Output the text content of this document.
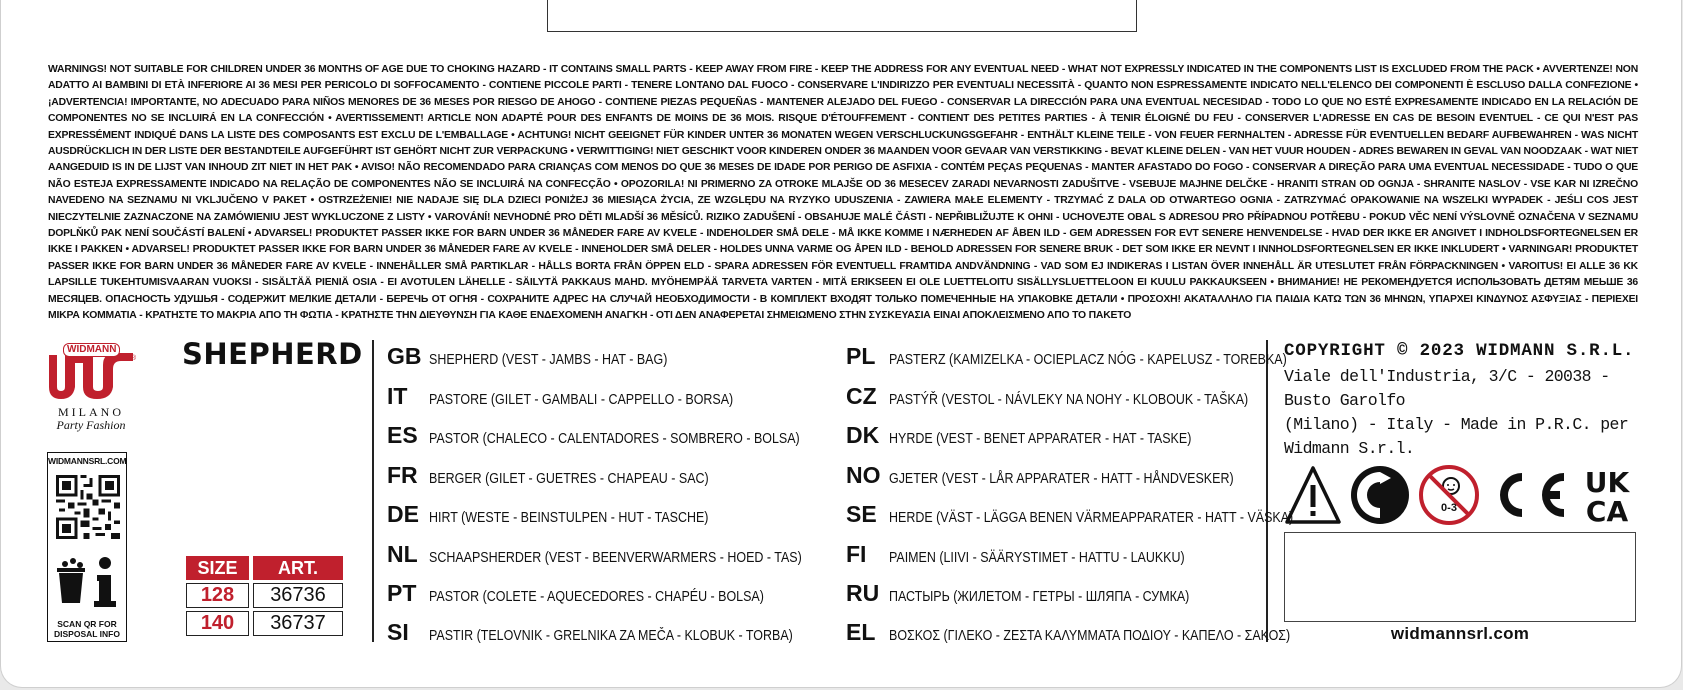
WARNINGS! NOT SUITABLE FOR CHILDREN UNDER 36 MONTHS OF AGE DUE TO CHOKING HAZARD - IT CONTAINS SMALL PARTS - KEEP AWAY FROM FIRE - KEEP THE ADDRESS FOR ANY EVENTUAL NEED - WHAT NOT EXPRESSLY INDICATED IN THE COMPONENTS LIST IS EXCLUDED FROM THE PACK • AVVERTENZE! NON ADATTO AI BAMBINI DI ETÀ INFERIORE AI 36 MESI PER PERICOLO DI SOFFOCAMENTO - CONTIENE PICCOLE PARTI - TENERE LONTANO DAL FUOCO - CONSERVARE L'INDIRIZZO PER EVENTUALI NECESSITÀ - QUANTO NON ESPRESSAMENTE INDICATO NELL'ELENCO DEI COMPONENTI È ESCLUSO DALLA CONFEZIONE • ¡ADVERTENCIA! IMPORTANTE, NO ADECUADO PARA NIÑOS MENORES DE 36 MESES POR RIESGO DE AHOGO - CONTIENE PIEZAS PEQUEÑAS - MANTENER ALEJADO DEL FUEGO - CONSERVAR LA DIRECCIÓN PARA UNA EVENTUAL NECESIDAD - TODO LO QUE NO ESTÉ EXPRESAMENTE INDICADO EN LA RELACIÓN DE COMPONENTES NO SE INCLUIRÁ EN LA CONFECCIÓN • AVERTISSEMENT! ARTICLE NON ADAPTÉ POUR DES ENFANTS DE MOINS DE 36 MOIS. RISQUE D'ÉTOUFFEMENT - CONTIENT DES PETITES PARTIES - À TENIR ÉLOIGNÉ DU FEU - CONSERVER L'ADRESSE EN CAS DE BESOIN EVENTUEL - CE QUI N'EST PAS EXPRESSÉMENT INDIQUÉ DANS LA LISTE DES COMPOSANTS EST EXCLU DE L'EMBALLAGE • ACHTUNG! NICHT GEEIGNET FÜR KINDER UNTER 36 MONATEN WEGEN VERSCHLUCKUNGSGEFAHR - ENTHÄLT KLEINE TEILE - VON FEUER FERNHALTEN - ADRESSE FÜR EVENTUELLEN BEDARF AUFBEWAHREN - WAS NICHT AUSDRÜCKLICH IN DER LISTE DER BESTANDTEILE AUFGEFÜHRT IST GEHÖRT NICHT ZUR VERPACKUNG • VERWITTIGING! NIET GESCHIKT VOOR KINDEREN ONDER 36 MAANDEN VOOR GEVAAR VAN VERSTIKKING - BEVAT KLEINE DELEN - VAN HET VUUR HOUDEN - ADRES BEWAREN IN GEVAL VAN NOODZAAK - WAT NIET AANGEDUID IS IN DE LIJST VAN INHOUD ZIT NIET IN HET PAK • AVISO! NÃO RECOMENDADO PARA CRIANÇAS COM MENOS DO QUE 36 MESES DE IDADE POR PERIGO DE ASFIXIA - CONTÉM PEÇAS PEQUENAS - MANTER AFASTADO DO FOGO - CONSERVAR A DIREÇÃO PARA UMA EVENTUAL NECESSIDADE - TUDO O QUE NÃO ESTEJA EXPRESSAMENTE INDICADO NA RELAÇÃO DE COMPONENTES NÃO SE INCLUIRÁ NA CONFECÇÃO • OPOZORILA! NI PRIMERNO ZA OTROKE MLAJŠE OD 36 MESECEV ZARADI NEVARNOSTI ZADUŠITVE - VSEBUJE MAJHNE DELČKE - HRANITI STRAN OD OGNJA - SHRANITE NASLOV - VSE KAR NI IZREČNO NAVEDENO NA SEZNAMU NI VKLJUČENO V PAKET • OSTRZEŻENIE! NIE NADAJE SIĘ DLA DZIECI PONIŻEJ 36 MIESIĄCA ŻYCIA, ZE WZGLĘDU NA RYZYKO UDUSZENIA - ZAWIERA MAŁE ELEMENTY - TRZYMAĆ Z DALA OD OTWARTEGO OGNIA - ZATRZYMAĆ OPAKOWANIE NA WSZELKI WYPADEK - JEŚLI COS JEST NIECZYTELNIE ZAZNACZONE NA ZAMÓWIENIU JEST WYKLUCZONE Z LISTY • VAROVÁNÍ! NEVHODNÉ PRO DĚTI MLADŠÍ 36 MĚSÍCŮ. RIZIKO ZADUŠENÍ - OBSAHUJE MALÉ ČÁSTI - NEPŘIBLIŽUJTE K OHNI - UCHOVEJTE OBAL S ADRESOU PRO PŘÍPADNOU POTŘEBU - POKUD VĚC NENÍ VÝSLOVNĚ OZNAČENA V SEZNAMU DOPLŇKŮ PAK NENÍ SOUČÁSTÍ BALENÍ • ADVARSEL! PRODUKTET PASSER IKKE FOR BARN UNDER 36 MÅNEDER FARE AV KVELE - INDEHOLDER SMÅ DELE - MÅ IKKE KOMME I NÆRHEDEN AF ÅBEN ILD - GEM ADRESSEN FOR EVT SENERE HENVENDELSE - HVAD DER IKKE ER ANGIVET I INDHOLDSFORTEGNELSEN ER IKKE I PAKKEN • ADVARSEL! PRODUKTET PASSER IKKE FOR BARN UNDER 36 MÅNEDER FARE AV KVELE - INNEHOLDER SMÅ DELER - HOLDES UNNA VARME OG ÅPEN ILD - BEHOLD ADRESSEN FOR SENERE BRUK - DET SOM IKKE ER NEVNT I INNHOLDSFORTEGNELSEN ER IKKE INKLUDERT • VARNINGAR! PRODUKTET PASSER IKKE FOR BARN UNDER 36 MÅNEDER FARE AV KVELE - INNEHÅLLER SMÅ PARTIKLAR - HÅLLS BORTA FRÅN ÖPPEN ELD - SPARA ADRESSEN FÖR EVENTUELL FRAMTIDA ANDVÄNDNING - VAD SOM EJ INDIKERAS I LISTAN ÖVER INNEHÅLL ÄR UTESLUTET FRÅN FÖRPACKNINGEN • VAROITUS! EI ALLE 36 KK LAPSILLE TUKEHTUMISVAARAN VUOKSI - SISÄLTÄÄ PIENIÄ OSIA - EI AVOTULEN LÄHELLE - SÄILYTÄ PAKKAUS MAHD. MYÖHEMPÄÄ TARVETA VARTEN - MITÄ ERIKSEEN EI OLE LUETTELOITU SISÄLLYSLUETTELOON EI KUULU PAKKAUKSEEN • ВНИМАНИЕ! НЕ РЕКОМЕНДУЕТСЯ ИСПОЛЬЗОВАТЬ ДЕТЯМ МЕЬШЕ 36 МЕСЯЦЕВ. ОПАСНОСТЬ УДУШЬЯ - СОДЕРЖИТ МЕЛКИЕ ДЕТАЛИ - БЕРЕЧЬ ОТ ОГНЯ - СОХРАНИТЕ АДРЕС НА СЛУЧАЙ НЕОБХОДИМОСТИ - В КОМПЛЕКТ ВХОДЯТ ТОЛЬКО ПОМЕЧЕННЫЕ НА УПАКОВКЕ ДЕТАЛИ • ΠΡΟΣΟΧΗ! ΑΚΑΤΑΛΛΗΛΟ ΓΙΑ ΠΑΙΔΙΑ ΚΑΤΩ ΤΩΝ 36 ΜΗΝΩΝ, ΥΠΑΡΧΕΙ ΚΙΝΔΥΝΟΣ ΑΣΦΥΞΙΑΣ - ΠΕΡΙΕΧΕΙ ΜΙΚΡΑ ΚΟΜΜΑΤΙΑ - ΚΡΑΤΗΣΤΕ ΤΟ ΜΑΚΡΙΑ ΑΠΟ ΤΗ ΦΩΤΙΑ - ΚΡΑΤΗΣΤΕ ΤΗΝ ΔΙΕΥΘΥΝΣΗ ΓΙΑ ΚΑΘΕ ΕΝΔΕΧΟΜΕΝΗ ΑΝΑΓΚΗ - ΟΤΙ ΔΕΝ ΑΝΑΦΕΡΕΤΑΙ ΣΗΜΕΙΩΜΕΝΟ ΣΤΗΝ ΣΥΣΚΕΥΑΣΙΑ ΕΙΝΑΙ ΑΠΟΚΛΕΙΣΜΕΝΟ ΑΠΟ ΤΟ ΠΑΚΕΤΟ
WIDMANN
®
MILANO
Party Fashion
WIDMANNSRL.COM
SCAN QR FOR DISPOSAL INFO
SHEPHERD
SIZE	ART.
128	36736
140	36737
GB SHEPHERD (VEST - JAMBS - HAT - BAG)
IT	PASTORE (GILET - GAMBALI - CAPPELLO - BORSA)
ES PASTOR (CHALECO - CALENTADORES - SOMBRERO - BOLSA)
FR BERGER (GILET - GUETRES - CHAPEAU - SAC)
DE HIRT (WESTE - BEINSTULPEN - HUT - TASCHE)
NL SCHAAPSHERDER (VEST - BEENVERWARMERS - HOED - TAS)
PT PASTOR (COLETE - AQUECEDORES - CHAPÉU - BOLSA)
SI	PASTIR (TELOVNIK - GRELNIKA ZA MEČA - KLOBUK - TORBA)
PL PASTERZ (KAMIZELKA - OCIEPLACZ NÓG - KAPELUSZ - TOREBKA)
CZ PASTÝŘ (VESTOL - NÁVLEKY NA NOHY - KLOBOUK - TAŠKA)
DK HYRDE (VEST - BENET APPARATER - HAT - TASKE)
NO GJETER (VEST - LÅR APPARATER - HATT - HÅNDVESKER)
SE HERDE (VÄST - LÄGGA BENEN VÄRMEAPPARATER - HATT - VÄSKA)
FI	PAIMEN (LIIVI - SÄÄRYSTIMET - HATTU - LAUKKU)
RU ПАСТЫРЬ (ЖИЛЕТОМ - ГЕТРЫ - ШЛЯПА - СУМКА)
EL ΒΟΣΚΟΣ (ΓΙΛΕΚΟ - ΖΕΣΤΑ ΚΑΛΥΜΜΑΤΑ ΠΟΔΙΟΥ - ΚΑΠΕΛΟ - ΣΑΚΟΣ)
COPYRIGHT © 2023 WIDMANN S.R.L.
Viale dell'Industria, 3/C - 20038 - Busto Garolfo
(Milano) - Italy - Made in P.R.C. per Widmann S.r.l.
0-3
UK
CA
widmannsrl.com
